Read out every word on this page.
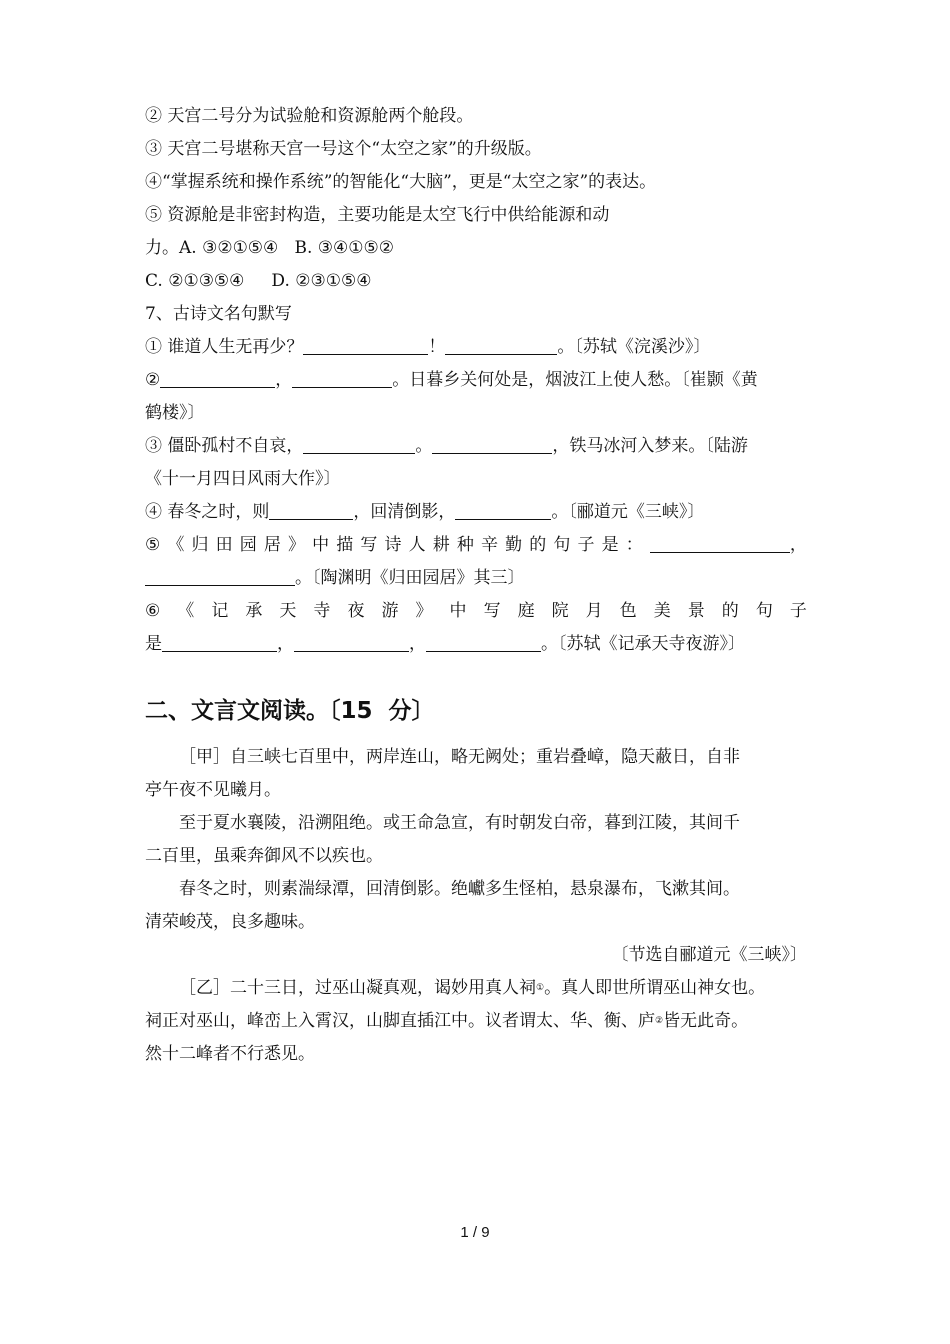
② 天宫二号分为试验舱和资源舱两个舱段。
③ 天宫二号堪称天宫一号这个“太空之家”的升级版。
④“掌握系统和操作系统”的智能化“大脑”，更是“太空之家”的表达。
⑤ 资源舱是非密封构造，主要功能是太空飞行中供给能源和动
力。A. ③②①⑤④   B. ③④①⑤②
C. ②①③⑤④     D. ②③①⑤④
7、古诗文名句默写
① 谁道人生无再少？	！	。〔苏轼《浣溪沙》〕
②	，	。日暮乡关何处是，烟波江上使人愁。〔崔颢《黄
鹤楼》〕
③ 僵卧孤村不自哀，	。	，铁马冰河入梦来。〔陆游
《十一月四日风雨大作》〕
④ 春冬之时，则	，回清倒影，	。〔郦道元《三峡》〕
⑤ 《 归 田 园 居 》 中 描 写 诗 人 耕 种 辛 勤 的 句 子 是 ：	，
。〔陶渊明《归田园居》其三〕
⑥ 《 记 承 天 寺 夜 游 》 中 写 庭 院 月 色 美 景 的 句 子
是	，	，	。〔苏轼《记承天寺夜游》〕
二、文言文阅读。〔15  分〕
［甲］自三峡七百里中，两岸连山，略无阙处；重岩叠嶂，隐天蔽日，自非
亭午夜不见曦月。
至于夏水襄陵，沿溯阻绝。或王命急宣，有时朝发白帝，暮到江陵，其间千
二百里，虽乘奔御风不以疾也。
春冬之时，则素湍绿潭，回清倒影。绝巘多生怪柏，悬泉瀑布，飞漱其间。
清荣峻茂，良多趣味。
〔节选自郦道元《三峡》〕
［乙］二十三日，过巫山凝真观，谒妙用真人祠①。真人即世所谓巫山神女也。
祠正对巫山，峰峦上入霄汉，山脚直插江中。议者谓太、华、衡、庐②皆无此奇。
然十二峰者不行悉见。
1 / 9
